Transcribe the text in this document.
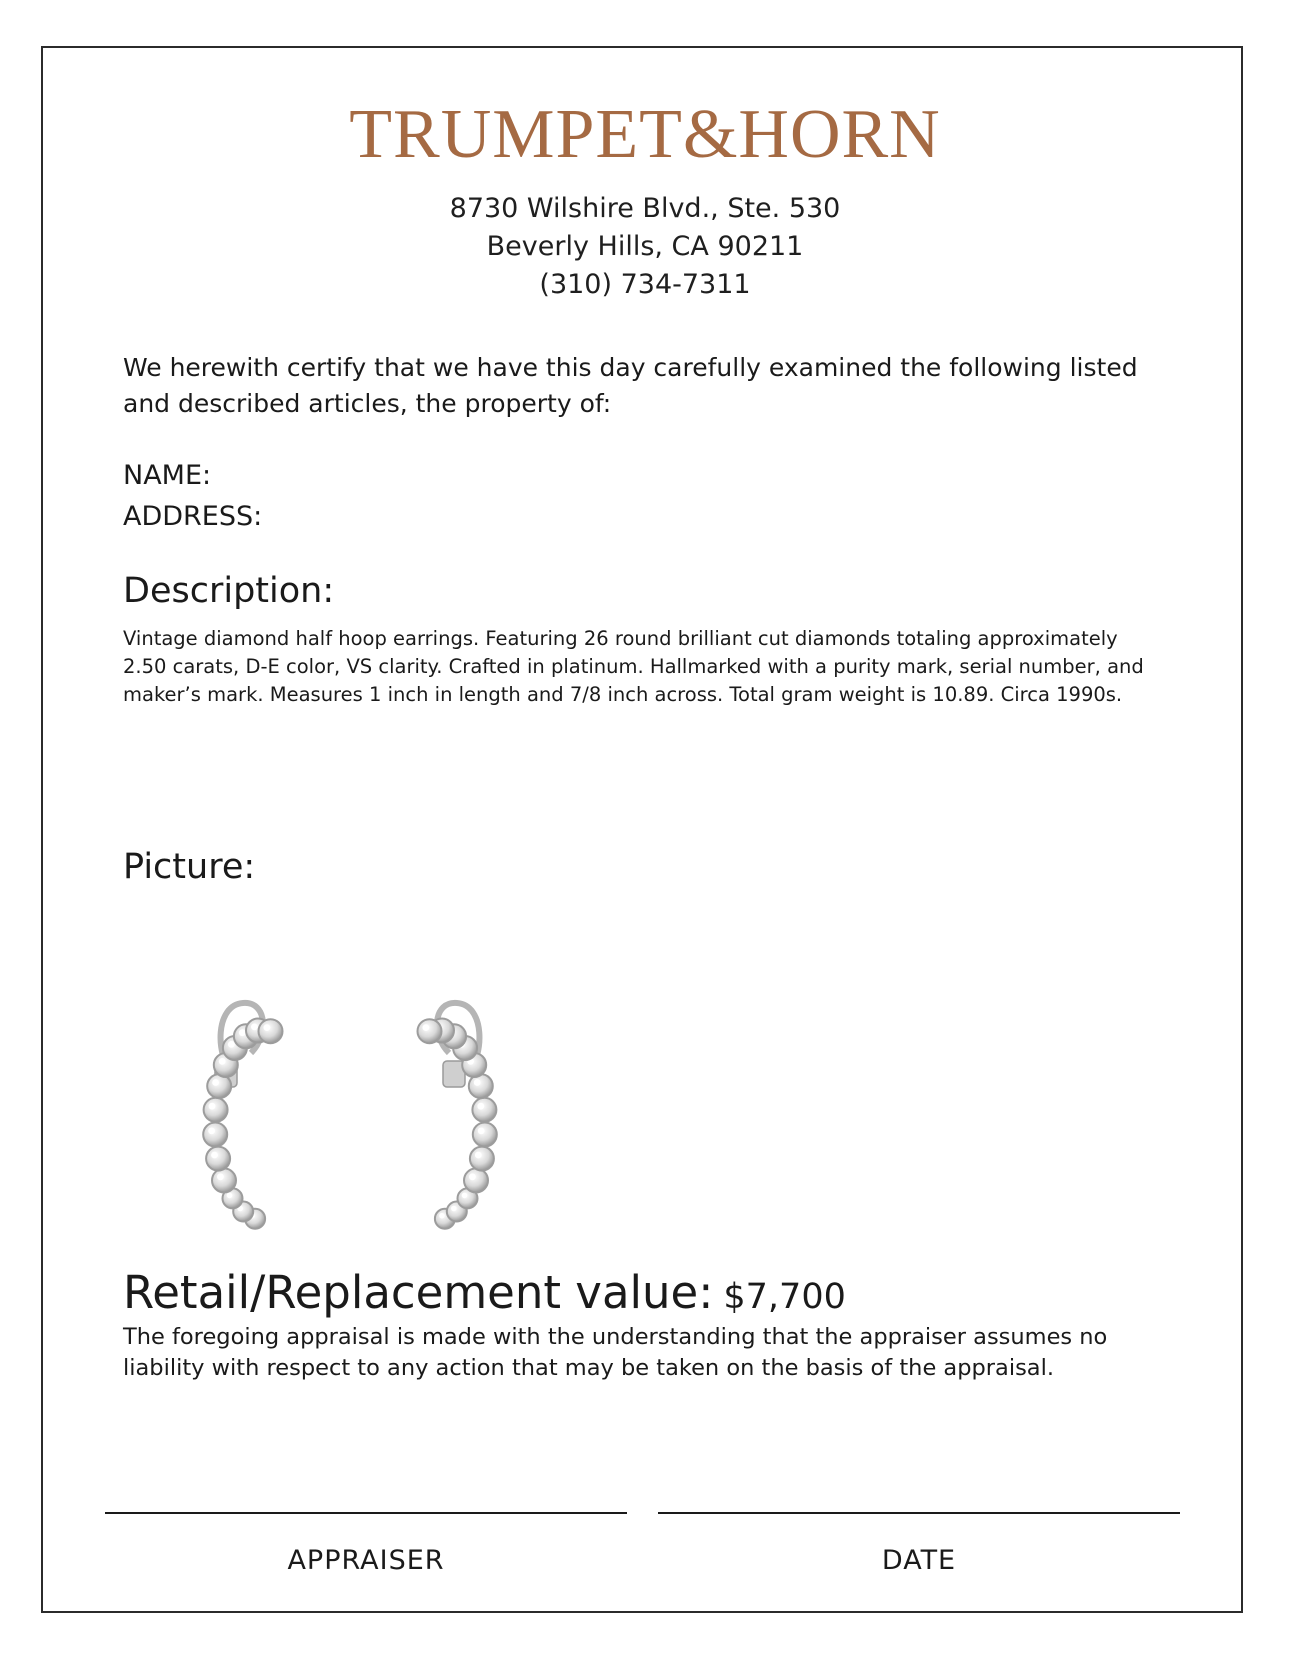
TRUMPET&HORN
8730 Wilshire Blvd., Ste. 530
Beverly Hills, CA 90211
(310) 734-7311
We herewith certify that we have this day carefully examined the following listed and described articles, the property of:
NAME:
ADDRESS:
Description:
Vintage diamond half hoop earrings. Featuring 26 round brilliant cut diamonds totaling approximately 2.50 carats, D-E color, VS clarity. Crafted in platinum. Hallmarked with a purity mark, serial number, and maker’s mark. Measures 1 inch in length and 7/8 inch across. Total gram weight is 10.89. Circa 1990s.
Picture:
Retail/Replacement value: $7,700
The foregoing appraisal is made with the understanding that the appraiser assumes no liability with respect to any action that may be taken on the basis of the appraisal.
APPRAISER	DATE
